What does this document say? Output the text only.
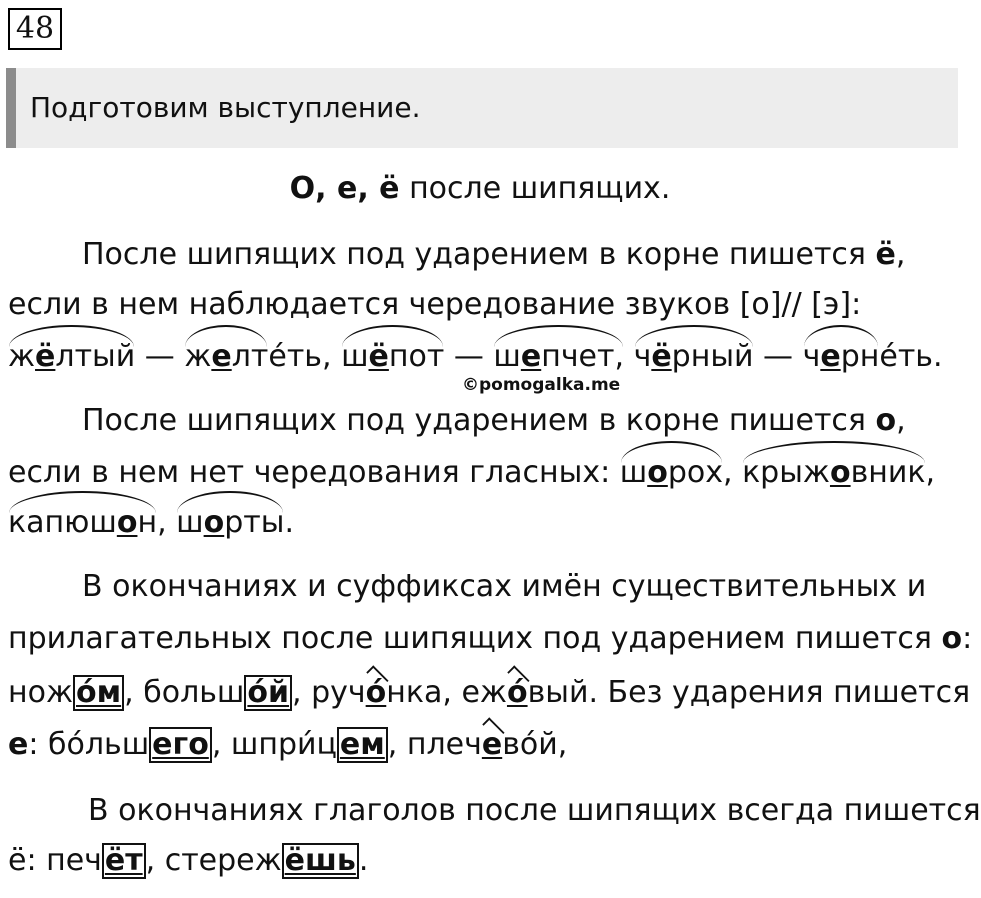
48
Подготовим выступление.
О, е, ё после шипящих.
После шипящих под ударением в корне пишется ё,
если в нем наблюдается чередование звуков [о]// [э]:
жёлтый — желте́ть, шёпот — шепчет, чёрный — черне́ть.
©pomogalka.me
После шипящих под ударением в корне пишется о,
если в нем нет чередования гласных: шорох, крыжовник,
капюшон, шорты.
В окончаниях и суффиксах имён существительных и
прилагательных после шипящих под ударением пишется о:
нож о́м , больш о́й , ручо́нка, ежо́вый. Без ударения пишется
е: бо́льш его , шпри́ц ем , плечево́й,
В окончаниях глаголов после шипящих всегда пишется
ё: печ ёт , стереж ёшь .
